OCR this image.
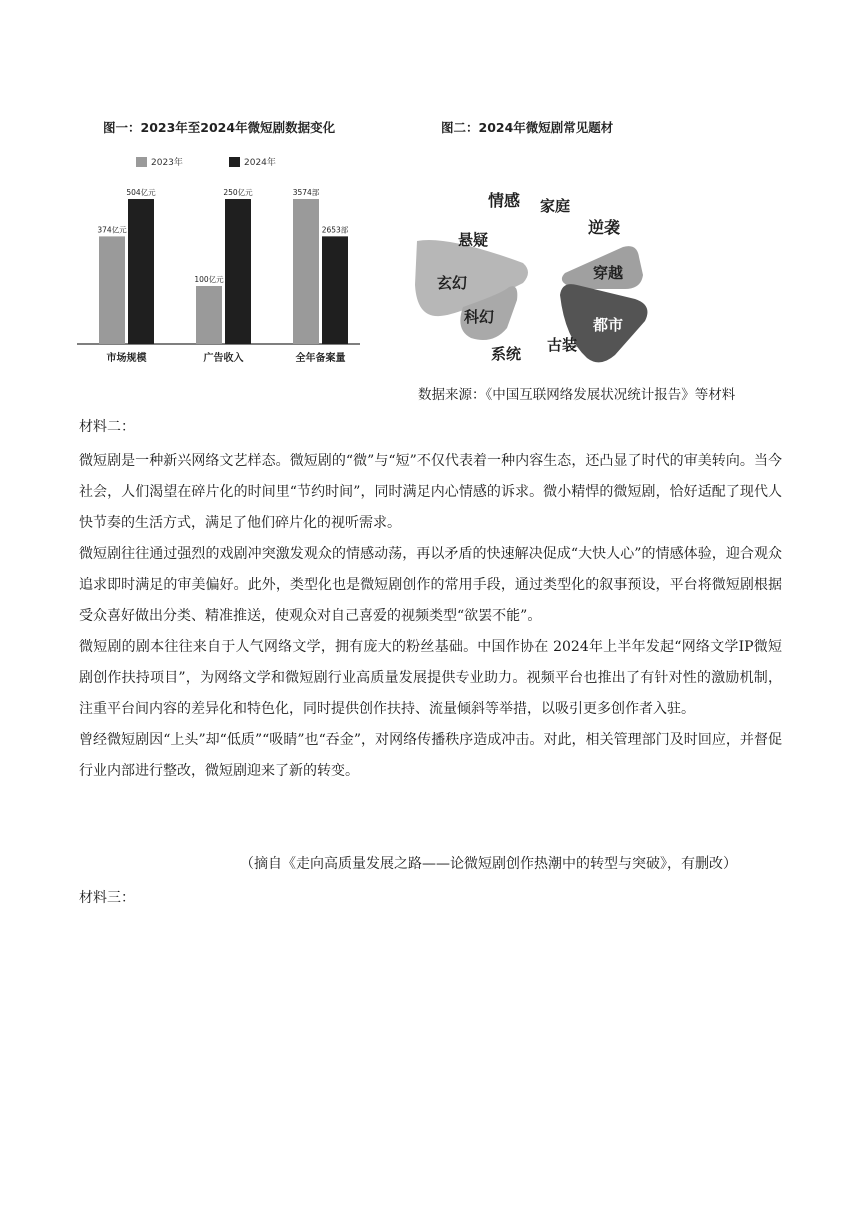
图一：2023年至2024年微短剧数据变化
2023年	2024年
374亿元
504亿元
市场规模
100亿元
250亿元
广告收入
3574部
2653部
全年备案量
图二：2024年微短剧常见题材
情感 家庭
逆袭
悬疑
玄幻
穿越
科幻	都市
古装
系统
数据来源：《中国互联网络发展状况统计报告》等材料
材料二：

微短剧是一种新兴网络文艺样态。微短剧的“微”与“短”不仅代表着一种内容生态，还凸显了时代的审美转向。当今社会，人们渴望在碎片化的时间里“节约时间”，同时满足内心情感的诉求。微小精悍的微短剧，恰好适配了现代人快节奏的生活方式，满足了他们碎片化的视听需求。

微短剧往往通过强烈的戏剧冲突激发观众的情感动荡，再以矛盾的快速解决促成“大快人心”的情感体验，迎合观众追求即时满足的审美偏好。此外，类型化也是微短剧创作的常用手段，通过类型化的叙事预设，平台将微短剧根据受众喜好做出分类、精准推送，使观众对自己喜爱的视频类型“欲罢不能”。

微短剧的剧本往往来自于人气网络文学，拥有庞大的粉丝基础。中国作协在 2024年上半年发起“网络文学IP微短剧创作扶持项目”，为网络文学和微短剧行业高质量发展提供专业助力。视频平台也推出了有针对性的激励机制，注重平台间内容的差异化和特色化，同时提供创作扶持、流量倾斜等举措，以吸引更多创作者入驻。

曾经微短剧因“上头”却“低质”“吸睛”也“吞金”，对网络传播秩序造成冲击。对此，相关管理部门及时回应，并督促行业内部进行整改，微短剧迎来了新的转变。

（摘自《走向高质量发展之路——论微短剧创作热潮中的转型与突破》，有删改）
材料三：
